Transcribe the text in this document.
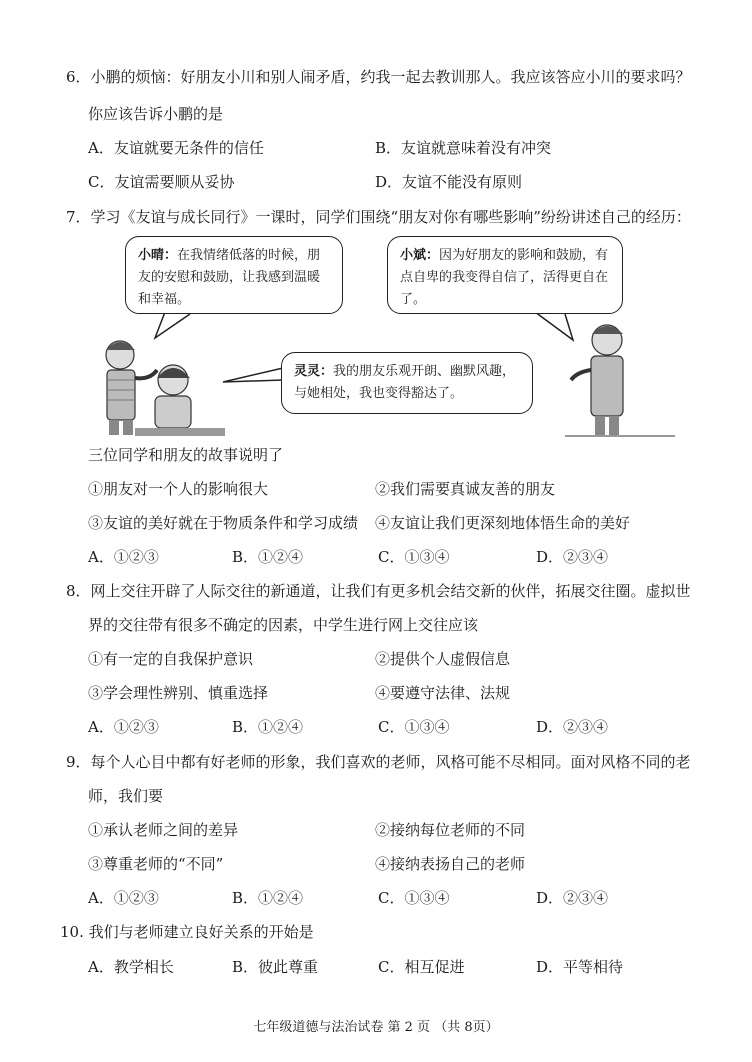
6．小鹏的烦恼：好朋友小川和别人闹矛盾，约我一起去教训那人。我应该答应小川的要求吗？
你应该告诉小鹏的是
A．友谊就要无条件的信任	B．友谊就意味着没有冲突
C．友谊需要顺从妥协	D．友谊不能没有原则
7．学习《友谊与成长同行》一课时，同学们围绕“朋友对你有哪些影响”纷纷讲述自己的经历：
小晴：在我情绪低落的时候，朋友的安慰和鼓励，让我感到温暖和幸福。
小斌：因为好朋友的影响和鼓励，有点自卑的我变得自信了，活得更自在了。
灵灵：我的朋友乐观开朗、幽默风趣，与她相处，我也变得豁达了。
三位同学和朋友的故事说明了
①朋友对一个人的影响很大	②我们需要真诚友善的朋友
③友谊的美好就在于物质条件和学习成绩 ④友谊让我们更深刻地体悟生命的美好
A．①②③	B．①②④	C．①③④	D．②③④
8．网上交往开辟了人际交往的新通道，让我们有更多机会结交新的伙伴，拓展交往圈。虚拟世
界的交往带有很多不确定的因素，中学生进行网上交往应该
①有一定的自我保护意识	②提供个人虚假信息
③学会理性辨别、慎重选择	④要遵守法律、法规
A．①②③	B．①②④	C．①③④	D．②③④
9．每个人心目中都有好老师的形象，我们喜欢的老师，风格可能不尽相同。面对风格不同的老
师，我们要
①承认老师之间的差异	②接纳每位老师的不同
③尊重老师的“不同”	④接纳表扬自己的老师
A．①②③	B．①②④	C．①③④	D．②③④
10. 我们与老师建立良好关系的开始是
A．教学相长	B．彼此尊重	C．相互促进	D．平等相待
七年级道德与法治试卷 第 2 页 （共 8页）
